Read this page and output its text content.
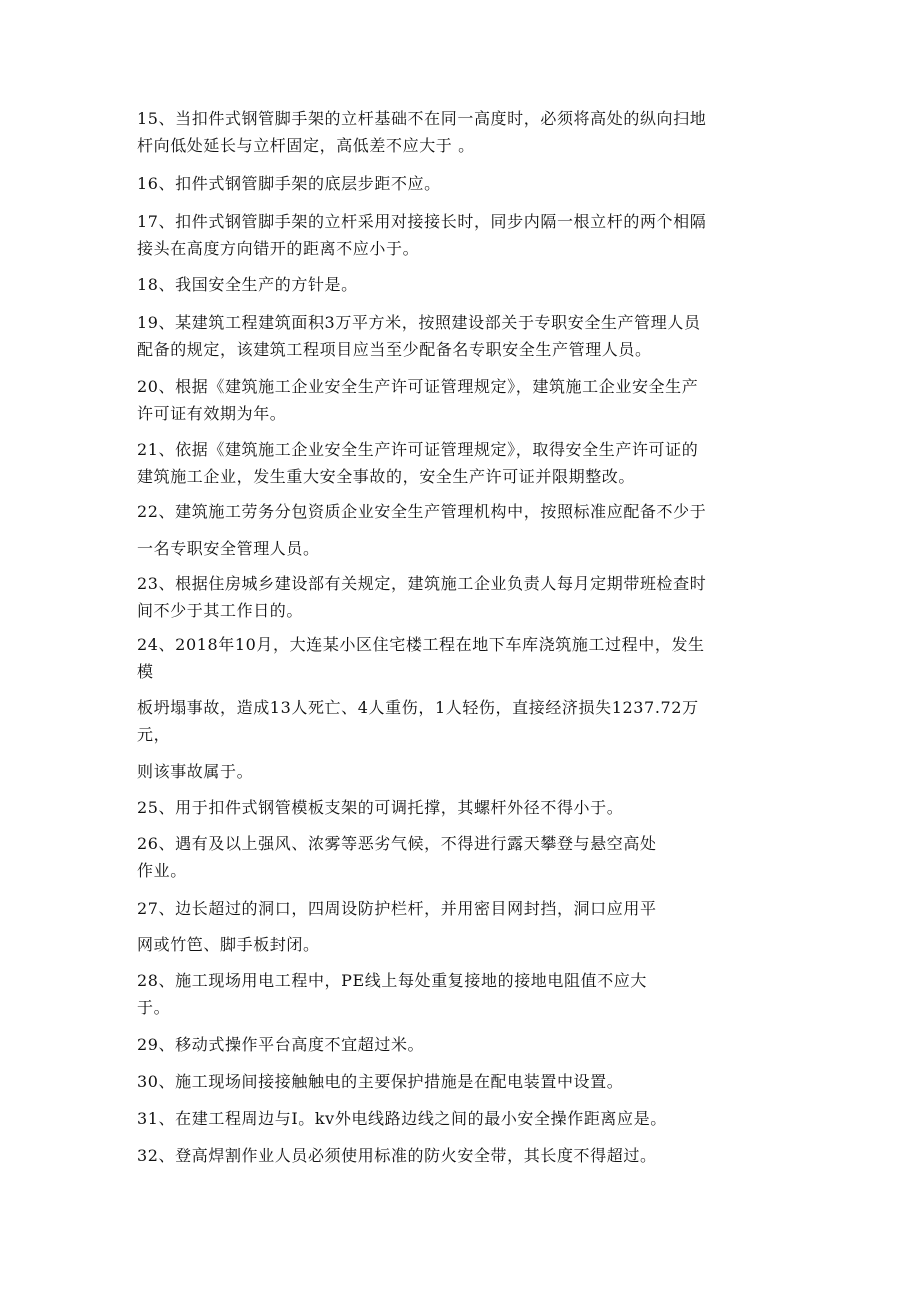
15、当扣件式钢管脚手架的立杆基础不在同一高度时，必须将高处的纵向扫地
杆向低处延长与立杆固定，高低差不应大于 。
16、扣件式钢管脚手架的底层步距不应。
17、扣件式钢管脚手架的立杆采用对接接长时，同步内隔一根立杆的两个相隔
接头在高度方向错开的距离不应小于。
18、我国安全生产的方针是。
19、某建筑工程建筑面积3万平方米，按照建设部关于专职安全生产管理人员
配备的规定，该建筑工程项目应当至少配备名专职安全生产管理人员。
20、根据《建筑施工企业安全生产许可证管理规定》，建筑施工企业安全生产
许可证有效期为年。
21、依据《建筑施工企业安全生产许可证管理规定》，取得安全生产许可证的
建筑施工企业，发生重大安全事故的，安全生产许可证并限期整改。
22、建筑施工劳务分包资质企业安全生产管理机构中，按照标准应配备不少于
一名专职安全管理人员。
23、根据住房城乡建设部有关规定，建筑施工企业负责人每月定期带班检查时
间不少于其工作日的。
24、2018年10月，大连某小区住宅楼工程在地下车库浇筑施工过程中，发生
模
板坍塌事故，造成13人死亡、4人重伤，1人轻伤，直接经济损失1237.72万
元，
则该事故属于。
25、用于扣件式钢管模板支架的可调托撑，其螺杆外径不得小于。
26、遇有及以上强风、浓雾等恶劣气候，不得进行露天攀登与悬空高处
作业。
27、边长超过的洞口，四周设防护栏杆，并用密目网封挡，洞口应用平
网或竹笆、脚手板封闭。
28、施工现场用电工程中，PE线上每处重复接地的接地电阻值不应大
于。
29、移动式操作平台高度不宜超过米。
30、施工现场间接接触触电的主要保护措施是在配电装置中设置。
31、在建工程周边与I。kv外电线路边线之间的最小安全操作距离应是。
32、登高焊割作业人员必须使用标准的防火安全带，其长度不得超过。
